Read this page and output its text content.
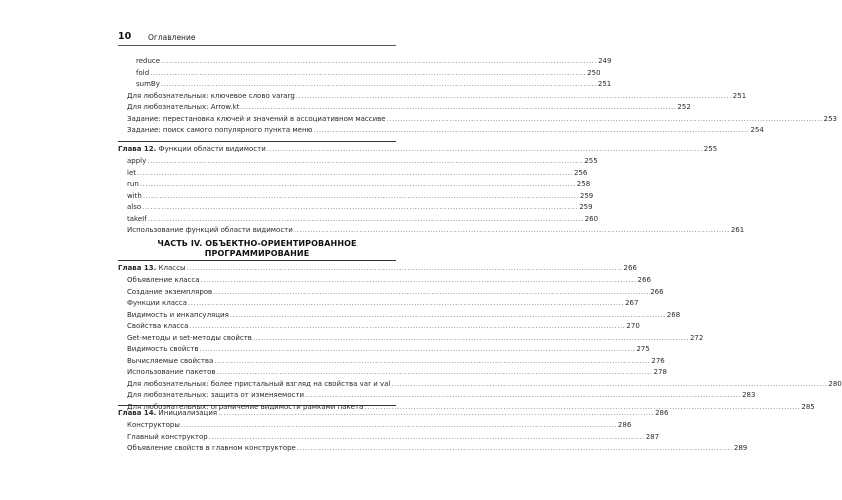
10 Оглавление
reduce .....	249
fold .....	250
sumBy .....	251
Для любознательных: ключевое слово vararg .....	251
Для любознательных: Arrow.kt .....	252
Задание: перестановка ключей и значений в ассоциативном массиве .....	253
Задание: поиск самого популярного пункта меню .....	254
Глава 12. Функции области видимости .....	255
apply .....	255
let .....	256
run .....	258
with .....	259
also .....	259
takeIf .....	260
Использование функций области видимости .....	261
ЧАСТЬ IV. ОБЪЕКТНО-ОРИЕНТИРОВАННОЕ
ПРОГРАММИРОВАНИЕ
Глава 13. Классы .....	266
Объявление класса .....	266
Создание экземпляров .....	266
Функции класса .....	267
Видимость и инкапсуляция .....	268
Свойства класса .....	270
Get-методы и set-методы свойств .....	272
Видимость свойств .....	275
Вычисляемые свойства .....	276
Использование пакетов .....	278
Для любознательных: более пристальный взгляд на свойства var и val .....	280
Для любознательных: защита от изменяемости .....	283
Для любознательных: ограничение видимости рамками пакета .....	285
Глава 14. Инициализация .....	286
Конструкторы .....	286
Главный конструктор .....	287
Объявление свойств в главном конструкторе .....	289
